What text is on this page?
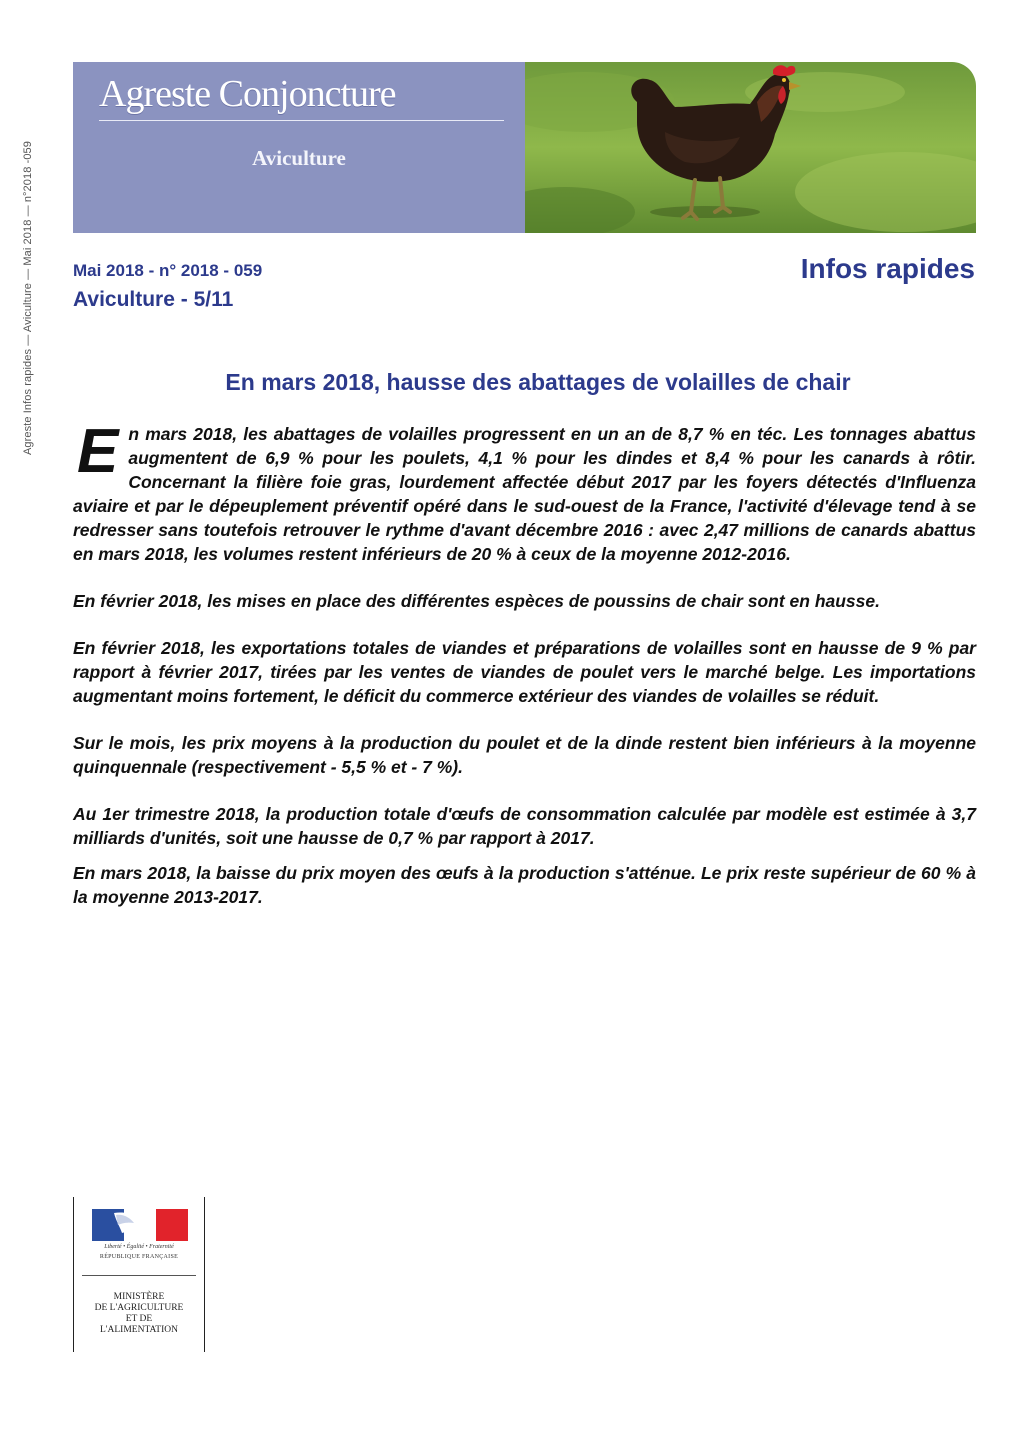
Agreste Infos rapides — Aviculture — Mai 2018 — n°2018 -059
Agreste Conjoncture
Aviculture
Mai 2018 - n° 2018 - 059
Aviculture - 5/11
Infos rapides
En mars 2018, hausse des abattages de volailles de chair

En mars 2018, les abattages de volailles progressent en un an de 8,7 % en téc. Les tonnages abattus augmentent de 6,9 % pour les poulets, 4,1 % pour les dindes et 8,4 % pour les canards à rôtir. Concernant la filière foie gras, lourdement affectée début 2017 par les foyers détectés d'Influenza aviaire et par le dépeuplement préventif opéré dans le sud-ouest de la France, l'activité d'élevage tend à se redresser sans toutefois retrouver le rythme d'avant décembre 2016 : avec 2,47 millions de canards abattus en mars 2018, les volumes restent inférieurs de 20 % à ceux de la moyenne 2012-2016.

En février 2018, les mises en place des différentes espèces de poussins de chair sont en hausse.

En février 2018, les exportations totales de viandes et préparations de volailles sont en hausse de 9 % par rapport à février 2017, tirées par les ventes de viandes de poulet vers le marché belge. Les importations augmentant moins fortement, le déficit du commerce extérieur des viandes de volailles se réduit.

Sur le mois, les prix moyens à la production du poulet et de la dinde restent bien inférieurs à la moyenne quinquennale (respectivement - 5,5 % et - 7 %).

Au 1er trimestre 2018, la production totale d'œufs de consommation calculée par modèle est estimée à 3,7 milliards d'unités, soit une hausse de 0,7 % par rapport à 2017.

En mars 2018, la baisse du prix moyen des œufs à la production s'atténue. Le prix reste supérieur de 60 % à la moyenne 2013-2017.

Liberté • Égalité • Fraternité
RÉPUBLIQUE FRANÇAISE
MINISTÈRE
DE L'AGRICULTURE
ET DE
L'ALIMENTATION
